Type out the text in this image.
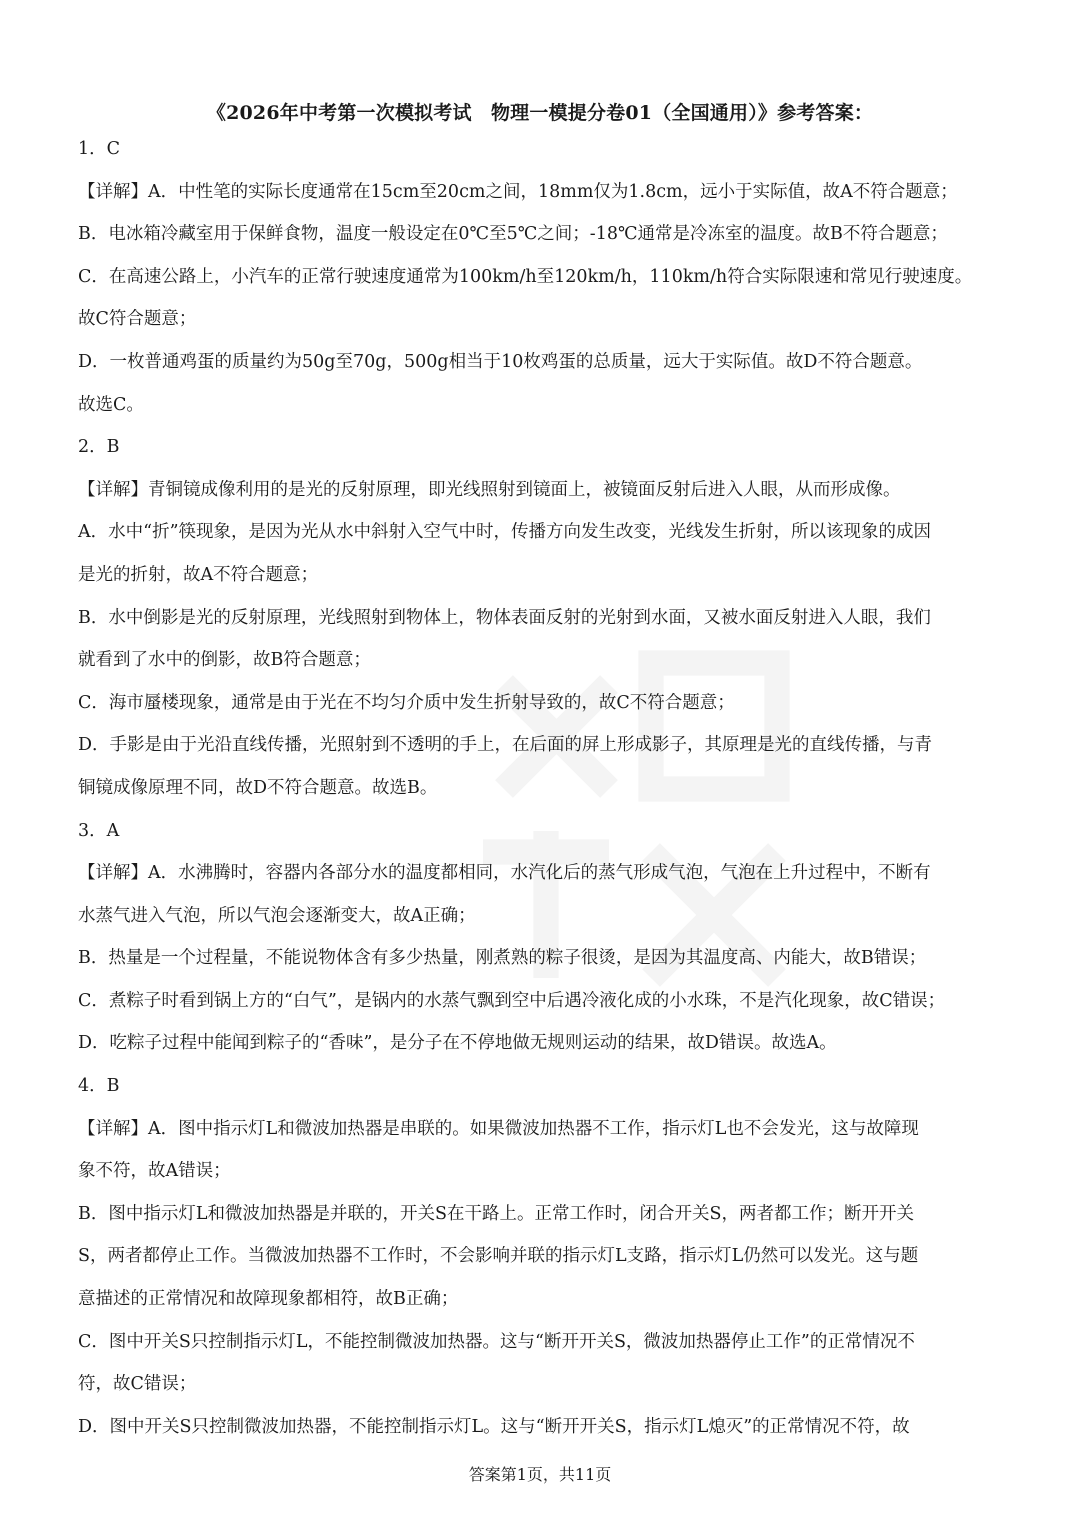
《2026年中考第一次模拟考试　物理一模提分卷01（全国通用）》参考答案：
1．C
【详解】A．中性笔的实际长度通常在15cm至20cm之间，18mm仅为1.8cm，远小于实际值，故A不符合题意；
B．电冰箱冷藏室用于保鲜食物，温度一般设定在0℃至5℃之间；-18℃通常是冷冻室的温度。故B不符合题意；
C．在高速公路上，小汽车的正常行驶速度通常为100km/h至120km/h，110km/h符合实际限速和常见行驶速度。
故C符合题意；
D．一枚普通鸡蛋的质量约为50g至70g，500g相当于10枚鸡蛋的总质量，远大于实际值。故D不符合题意。
故选C。
2．B
【详解】青铜镜成像利用的是光的反射原理，即光线照射到镜面上，被镜面反射后进入人眼，从而形成像。
A．水中“折”筷现象，是因为光从水中斜射入空气中时，传播方向发生改变，光线发生折射，所以该现象的成因
是光的折射，故A不符合题意；
B．水中倒影是光的反射原理，光线照射到物体上，物体表面反射的光射到水面，又被水面反射进入人眼，我们
就看到了水中的倒影，故B符合题意；
C．海市蜃楼现象，通常是由于光在不均匀介质中发生折射导致的，故C不符合题意；
D．手影是由于光沿直线传播，光照射到不透明的手上，在后面的屏上形成影子，其原理是光的直线传播，与青
铜镜成像原理不同，故D不符合题意。故选B。
3．A
【详解】A．水沸腾时，容器内各部分水的温度都相同，水汽化后的蒸气形成气泡，气泡在上升过程中，不断有
水蒸气进入气泡，所以气泡会逐渐变大，故A正确；
B．热量是一个过程量，不能说物体含有多少热量，刚煮熟的粽子很烫，是因为其温度高、内能大，故B错误；
C．煮粽子时看到锅上方的“白气”，是锅内的水蒸气飘到空中后遇冷液化成的小水珠，不是汽化现象，故C错误；
D．吃粽子过程中能闻到粽子的“香味”，是分子在不停地做无规则运动的结果，故D错误。故选A。
4．B
【详解】A．图中指示灯L和微波加热器是串联的。如果微波加热器不工作，指示灯L也不会发光，这与故障现
象不符，故A错误；
B．图中指示灯L和微波加热器是并联的，开关S在干路上。正常工作时，闭合开关S，两者都工作；断开开关
S，两者都停止工作。当微波加热器不工作时，不会影响并联的指示灯L支路，指示灯L仍然可以发光。这与题
意描述的正常情况和故障现象都相符，故B正确；
C．图中开关S只控制指示灯L，不能控制微波加热器。这与“断开开关S，微波加热器停止工作”的正常情况不
符，故C错误；
D．图中开关S只控制微波加热器，不能控制指示灯L。这与“断开开关S，指示灯L熄灭”的正常情况不符，故
答案第1页，共11页
